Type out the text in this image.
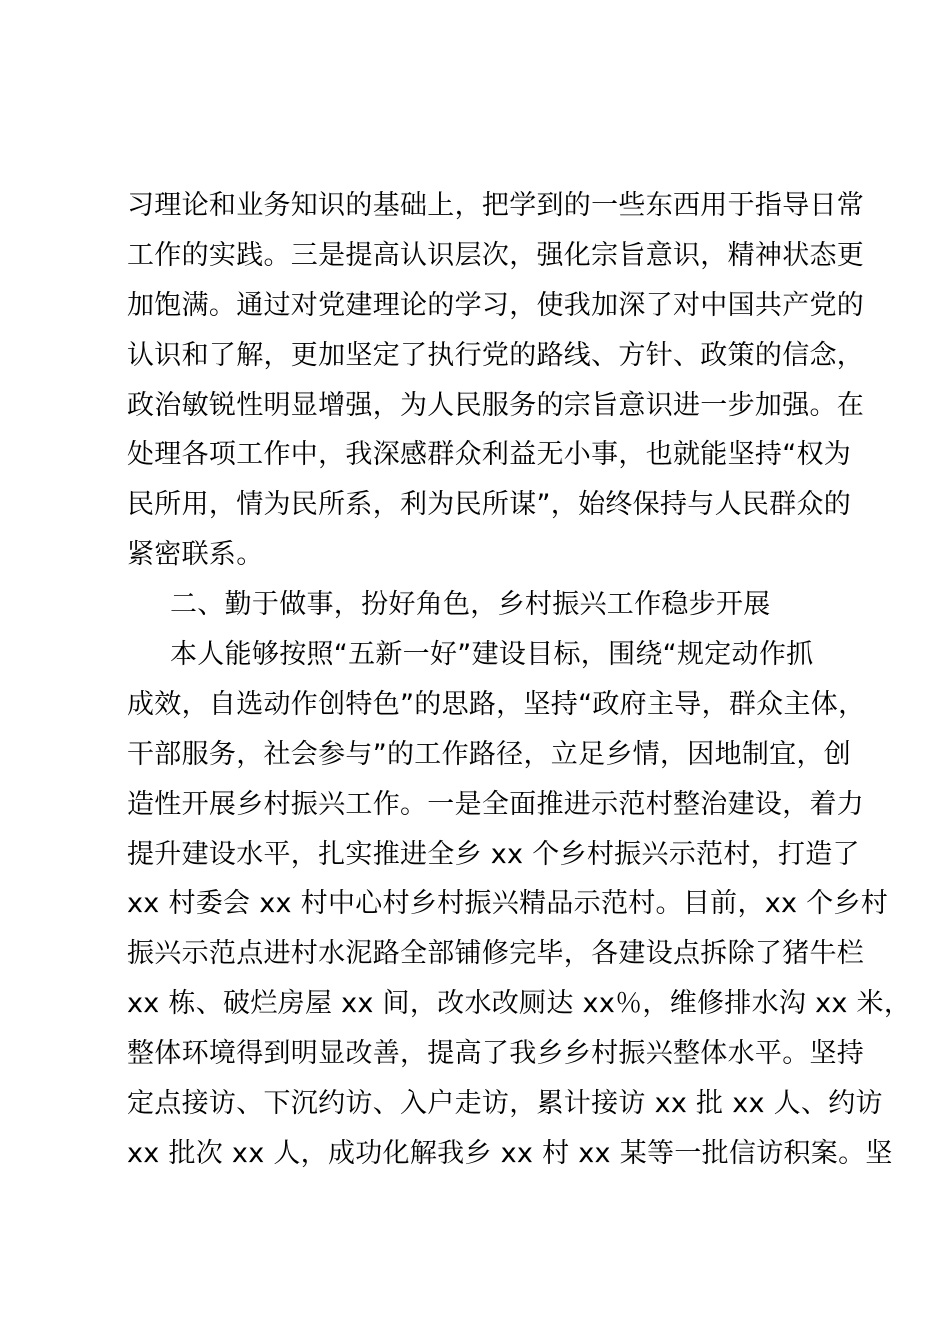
习理论和业务知识的基础上，把学到的一些东西用于指导日常
工作的实践。三是提高认识层次，强化宗旨意识，精神状态更
加饱满。通过对党建理论的学习，使我加深了对中国共产党的
认识和了解，更加坚定了执行党的路线、方针、政策的信念，
政治敏锐性明显增强，为人民服务的宗旨意识进一步加强。在
处理各项工作中，我深感群众利益无小事，也就能坚持“权为
民所用，情为民所系，利为民所谋”，始终保持与人民群众的
紧密联系。
二、勤于做事，扮好角色，乡村振兴工作稳步开展
本人能够按照“五新一好”建设目标，围绕“规定动作抓
成效，自选动作创特色”的思路，坚持“政府主导，群众主体，
干部服务，社会参与”的工作路径，立足乡情，因地制宜，创
造性开展乡村振兴工作。一是全面推进示范村整治建设，着力
提升建设水平，扎实推进全乡 xx 个乡村振兴示范村，打造了
xx 村委会 xx 村中心村乡村振兴精品示范村。目前，xx 个乡村
振兴示范点进村水泥路全部铺修完毕，各建设点拆除了猪牛栏
xx 栋、破烂房屋 xx 间，改水改厕达 xx％，维修排水沟 xx 米，
整体环境得到明显改善，提高了我乡乡村振兴整体水平。坚持
定点接访、下沉约访、入户走访，累计接访 xx 批 xx 人、约访
xx 批次 xx 人，成功化解我乡 xx 村 xx 某等一批信访积案。坚
